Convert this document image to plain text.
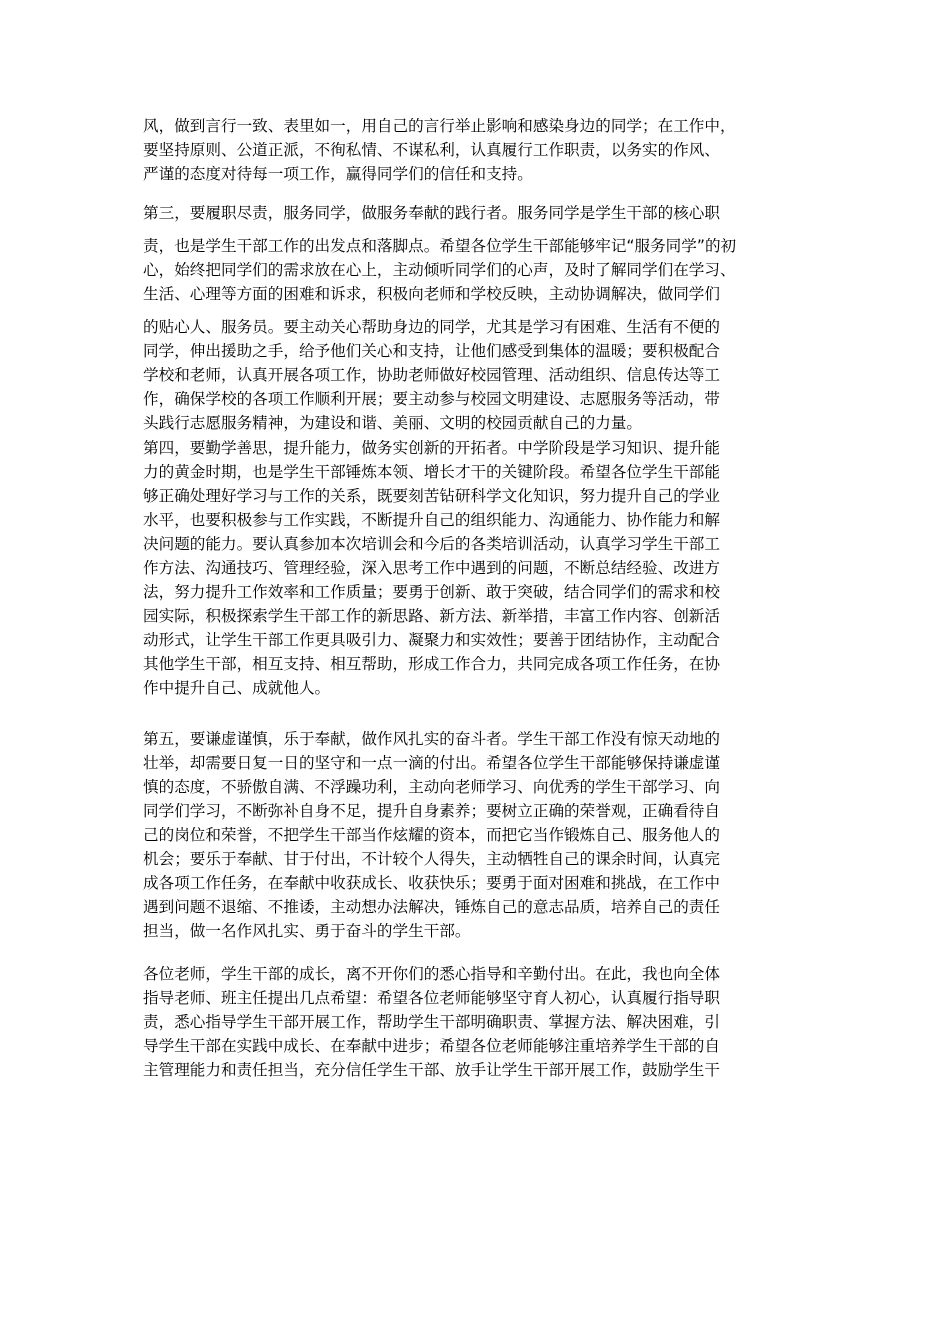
风，做到言行一致、表里如一，用自己的言行举止影响和感染身边的同学；在工作中，
要坚持原则、公道正派，不徇私情、不谋私利，认真履行工作职责，以务实的作风、
严谨的态度对待每一项工作，赢得同学们的信任和支持。
第三，要履职尽责，服务同学，做服务奉献的践行者。服务同学是学生干部的核心职
责，也是学生干部工作的出发点和落脚点。希望各位学生干部能够牢记“服务同学”的初
心，始终把同学们的需求放在心上，主动倾听同学们的心声，及时了解同学们在学习、
生活、心理等方面的困难和诉求，积极向老师和学校反映，主动协调解决，做同学们
的贴心人、服务员。要主动关心帮助身边的同学，尤其是学习有困难、生活有不便的
同学，伸出援助之手，给予他们关心和支持，让他们感受到集体的温暖；要积极配合
学校和老师，认真开展各项工作，协助老师做好校园管理、活动组织、信息传达等工
作，确保学校的各项工作顺利开展；要主动参与校园文明建设、志愿服务等活动，带
头践行志愿服务精神，为建设和谐、美丽、文明的校园贡献自己的力量。
第四，要勤学善思，提升能力，做务实创新的开拓者。中学阶段是学习知识、提升能
力的黄金时期，也是学生干部锤炼本领、增长才干的关键阶段。希望各位学生干部能
够正确处理好学习与工作的关系，既要刻苦钻研科学文化知识，努力提升自己的学业
水平，也要积极参与工作实践，不断提升自己的组织能力、沟通能力、协作能力和解
决问题的能力。要认真参加本次培训会和今后的各类培训活动，认真学习学生干部工
作方法、沟通技巧、管理经验，深入思考工作中遇到的问题，不断总结经验、改进方
法，努力提升工作效率和工作质量；要勇于创新、敢于突破，结合同学们的需求和校
园实际，积极探索学生干部工作的新思路、新方法、新举措，丰富工作内容、创新活
动形式，让学生干部工作更具吸引力、凝聚力和实效性；要善于团结协作，主动配合
其他学生干部，相互支持、相互帮助，形成工作合力，共同完成各项工作任务，在协
作中提升自己、成就他人。
第五，要谦虚谨慎，乐于奉献，做作风扎实的奋斗者。学生干部工作没有惊天动地的
壮举，却需要日复一日的坚守和一点一滴的付出。希望各位学生干部能够保持谦虚谨
慎的态度，不骄傲自满、不浮躁功利，主动向老师学习、向优秀的学生干部学习、向
同学们学习，不断弥补自身不足，提升自身素养；要树立正确的荣誉观，正确看待自
己的岗位和荣誉，不把学生干部当作炫耀的资本，而把它当作锻炼自己、服务他人的
机会；要乐于奉献、甘于付出，不计较个人得失，主动牺牲自己的课余时间，认真完
成各项工作任务，在奉献中收获成长、收获快乐；要勇于面对困难和挑战，在工作中
遇到问题不退缩、不推诿，主动想办法解决，锤炼自己的意志品质，培养自己的责任
担当，做一名作风扎实、勇于奋斗的学生干部。
各位老师，学生干部的成长，离不开你们的悉心指导和辛勤付出。在此，我也向全体
指导老师、班主任提出几点希望：希望各位老师能够坚守育人初心，认真履行指导职
责，悉心指导学生干部开展工作，帮助学生干部明确职责、掌握方法、解决困难，引
导学生干部在实践中成长、在奉献中进步；希望各位老师能够注重培养学生干部的自
主管理能力和责任担当，充分信任学生干部、放手让学生干部开展工作，鼓励学生干
